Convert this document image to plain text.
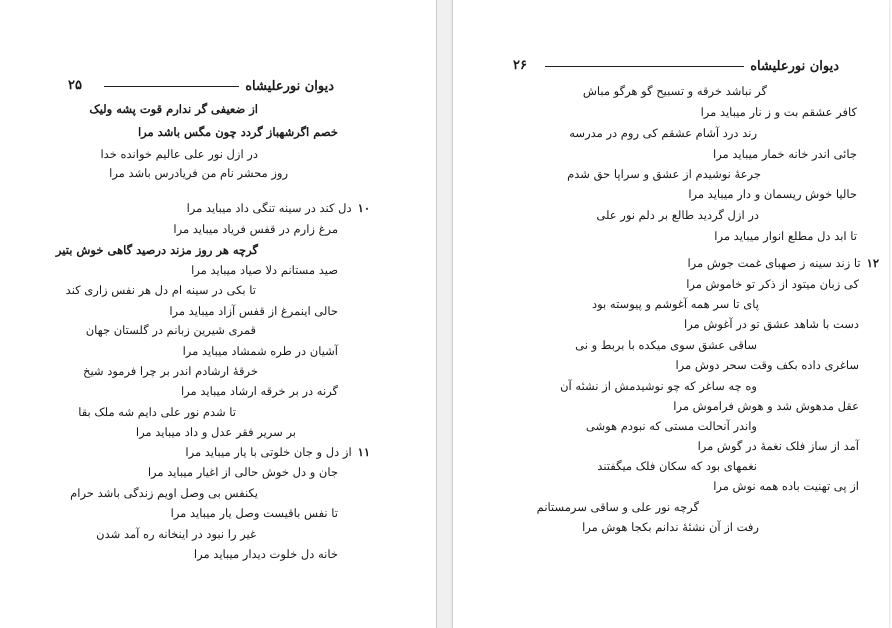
دیوان نورعلیشاه
۲۵
از ضعیفی گر ندارم قوت پشه ولیک
خصم اگرشهباز گردد چون مگس باشد مرا
در ازل نور علی عالیم خوانده خدا
روز محشر نام من فریادرس باشد مرا
۱۰دل کند در سینه تنگی داد میباید مرا
مرغ زارم در قفس فریاد میباید مرا
گرچه هر روز مزند درصید گاهی خوش بتیر
صید مستانم دلا صیاد میباید مرا
تا بکی در سینه ام دل هر نفس زاری کند
حالی اینمرغ از قفس آزاد میباید مرا
قمری شیرین زبانم در گلستان جهان
آشیان در طره شمشاد میباید مرا
خرقهٔ ارشادم اندر بر چرا فرمود شیخ
گرنه در بر خرقه ارشاد میباید مرا
تا شدم نور علی دایم شه ملک بقا
بر سریر فقر عدل و داد میباید مرا
۱۱از دل و جان خلوتی با یار میباید مرا
جان و دل خوش حالی از اغیار میباید مرا
یکنفس بی وصل اویم زندگی باشد حرام
تا نفس باقیست وصل یار میباید مرا
غیر را نبود در اینخانه ره آمد شدن
خانه دل خلوت دیدار میباید مرا
۲۶	دیوان نورعلیشاه
گر نباشد خرقه و تسبیح گو هرگو مباش
کافر عشقم بت و ز نار میباید مرا
رند درد آشام عشقم کی روم در مدرسه
جائی اندر خانه خمار میباید مرا
جرعهٔ نوشیدم از عشق و سراپا حق شدم
حالیا خوش ریسمان و دار میباید مرا
در ازل گردید طالع بر دلم نور علی
تا ابد دل مطلع انوار میباید مرا
۱۲تا زند سینه ز صهبای غمت جوش مرا
کی زبان میتود از ذکر تو خاموش مرا
پای تا سر همه آغوشم و پیوسته بود
دست با شاهد عشق تو در آغوش مرا
ساقی عشق سوی میکده با بربط و نی
ساغری داده بکف وقت سحر دوش مرا
وه چه ساغر که چو نوشیدمش از نشئه آن
عقل مدهوش شد و هوش فراموش مرا
واندر آنحالت مستی که نبودم هوشی
آمد از ساز فلک نغمهٔ در گوش مرا
نغمهای بود که سکان فلک میگفتند
از پی تهنیت باده همه نوش مرا
گرچه نور علی و ساقی سرمستانم
رفت از آن نشئهٔ ندانم بکجا هوش مرا
